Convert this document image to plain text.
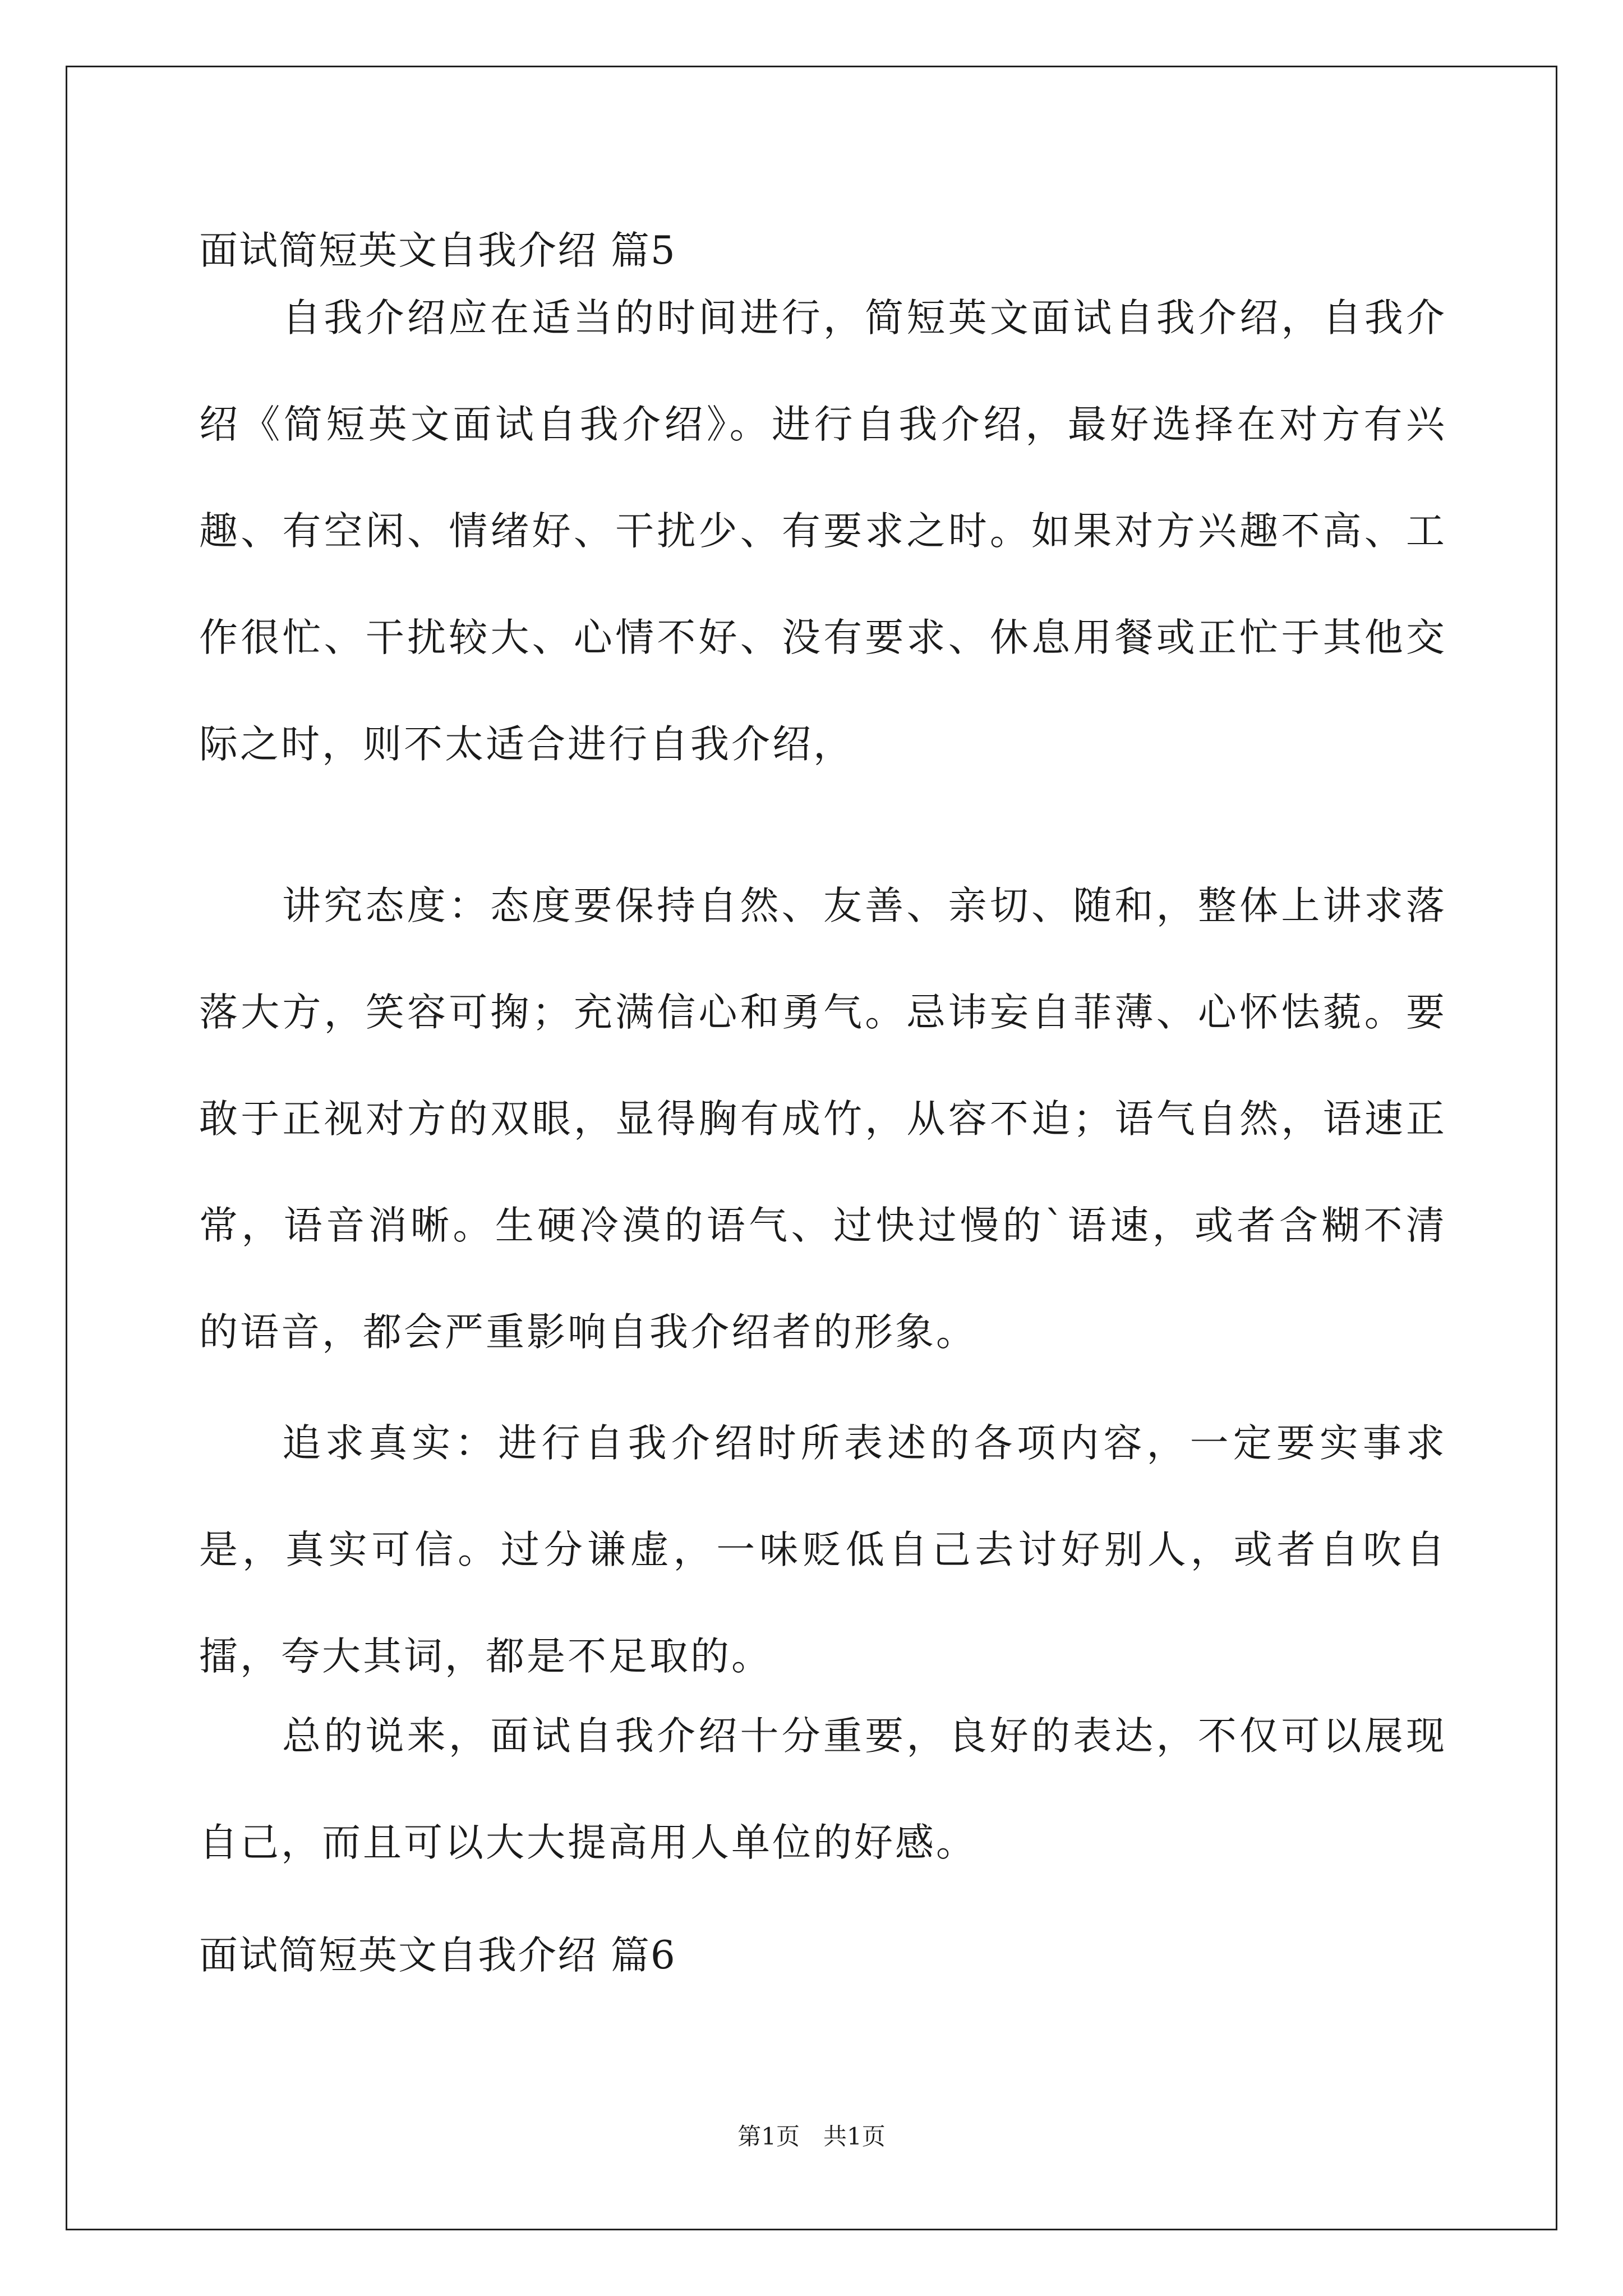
面试简短英文自我介绍 篇5

自我介绍应在适当的时间进行，简短英文面试自我介绍，自我介绍《简短英文面试自我介绍》。进行自我介绍，最好选择在对方有兴趣、有空闲、情绪好、干扰少、有要求之时。如果对方兴趣不高、工作很忙、干扰较大、心情不好、没有要求、休息用餐或正忙于其他交际之时，则不太适合进行自我介绍，

讲究态度：态度要保持自然、友善、亲切、随和，整体上讲求落落大方，笑容可掬；充满信心和勇气。忌讳妄自菲薄、心怀怯藐。要敢于正视对方的双眼，显得胸有成竹，从容不迫；语气自然，语速正常，语音消晰。生硬冷漠的语气、过快过慢的`语速，或者含糊不清的语音，都会严重影响自我介绍者的形象。

追求真实：进行自我介绍时所表述的各项内容，一定要实事求是，真实可信。过分谦虚，一味贬低自己去讨好别人，或者自吹自擂，夸大其词，都是不足取的。

总的说来，面试自我介绍十分重要，良好的表达，不仅可以展现自己，而且可以大大提高用人单位的好感。

面试简短英文自我介绍 篇6
第1页　共1页
